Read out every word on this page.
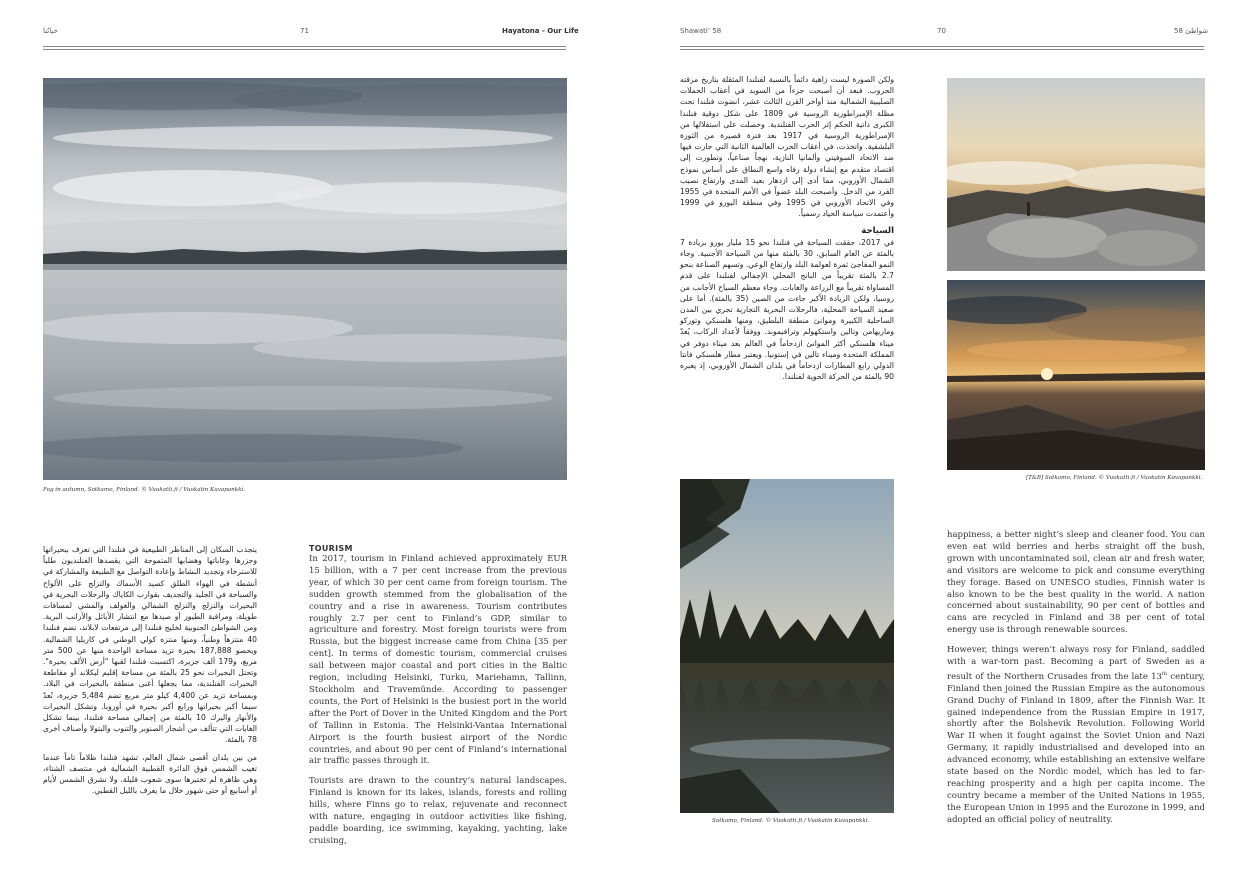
حياتُنا	71	Hayatona - Our Life	Shawati’ 58	70	شواطئ 58
Fog in autumn, Sotkamo, Finland. © Vuokatti.fi / Vuokatin Kuvapankki.
[T&B] Sotkamo, Finland. © Vuokatti.fi / Vuokatin Kuvapankki.
Sotkamo, Finland. © Vuokatti.fi / Vuokatin Kuvapankki.

ولكن الصورة ليست زاهية دائماً بالنسبة لفنلندا المثقلة بتاريخ مزقته الحروب. فبعد أن أصبحت جزءاً من السويد في أعقاب الحملات الصليبية الشمالية منذ أواخر القرن الثالث عشر، انضوت فنلندا تحت مظلة الإمبراطورية الروسية في 1809 على شكل دوقية فنلندا الكبرى ذاتية الحكم إثر الحرب الفنلندية. وحصلت على استقلالها من الإمبراطورية الروسية في 1917 بعد فترة قصيرة من الثورة البلشفية. واتخذت، في أعقاب الحرب العالمية الثانية التي جارت فيها ضد الاتحاد السوفيتي وألمانيا النازية، نهجاً صناعياً، وتطورت إلى اقتصاد متقدم مع إنشاء دولة رفاه واسع النطاق على أساس نموذج الشمال الأوروبي، مما أدى إلى ازدهار بعيد المدى وارتفاع نصيب الفرد من الدخل. وأصبحت البلد عضواً في الأمم المتحدة في 1955 وفي الاتحاد الأوروبي في 1995 وفي منطقة اليورو في 1999 وأعتمدت سياسة الحياد رسمياً.

السياحة

في 2017، حققت السياحة في فنلندا نحو 15 مليار يورو بزيادة 7 بالمئة عن العام السابق، 30 بالمئة منها من السياحة الأجنبية. وجاء النمو المفاجئ ثمرة لعولمة البلد وارتفاع الوعي. وتسهم الصناعة بنحو 2.7 بالمئة تقريباً من الناتج المحلي الإجمالي لفنلندا على قدم المساواة تقريباً مع الزراعة والغابات. وجاء معظم السياح الأجانب من روسيا، ولكن الزيادة الأكبر جاءت من الصين (35 بالمئة). أما على صعيد السياحة المحلية، فالرحلات البحرية التجارية تجري بين المدن الساحلية الكبيرة وموانئ منطقة البلطيق، ومنها هلسنكي وتوركو وماريهامن وتالين واستكهولم وترافيموند. ووفقاً لأعداد الركاب، يُعدّ ميناء هلسنكي أكثر الموانئ ازدحاماً في العالم بعد ميناء دوفر في المملكة المتحدة وميناء تالين في إستونيا. ويعتبر مطار هلسنكي فانتا الدولي رابع المطارات ازدحاماً في بلدان الشمال الأوروبي، إذ يعبره 90 بالمئة من الحركة الجوية لفنلندا.

ينجذب السكان إلى المناظر الطبيعية في فنلندا التي تعرف ببحيراتها وجزرها وغاباتها وهضابها المتموجة التي يقصدها الفنلنديون طلباً للاسترخاء وتجديد النشاط وإعادة التواصل مع الطبيعة والمشاركة في أنشطة في الهواء الطلق كصيد الأسماك والتزلج على الألواح والسباحة في الجليد والتجديف بقوارب الكاياك والرحلات البحرية في البحيرات والتزلج والتزلج الشمالي والغولف والمشي لمسافات طويلة، ومراقبة الطيور أو صيدها مع انتشار الأيائل والأرانب البرية. ومن الشواطئ الجنوبية لخليج فنلندا إلى مرتفعات لابلاند، تضم فنلندا 40 منتزهاً وطنياً، ومنها منتزه كولي الوطني في كاريليا الشمالية. ويحصو 187,888 بحيرة تزيد مساحة الواحدة منها عن 500 متر مربع، و179 ألف جزيرة، اكتسبت فنلندا لقبها "أرض الألف بحيرة". وتحتل البحيرات نحو 25 بالمئة من مساحة إقليم ليكلاند أو مقاطعة البحيرات الفنلندية، مما يجعلها أغنى منطقة بالبحيرات في البلاد. وبمساحة تزيد عن 4,400 كيلو متر مربع تضم 5,484 جزيرة، تُعدّ سيما أكبر بحيراتها ورابع أكبر بحيرة في أوروبا. وتشكل البحيرات والأنهار والبرك 10 بالمئة من إجمالي مساحة فنلندا، بينما تشكل الغابات التي تتألف من أشجار الصنوبر والتنوب والبتولا وأصناف أخرى 78 بالمئة.

من بين بلدان أقصى شمال العالم، تشهد فنلندا ظلاماً تاماً عندما تغيب الشمس فوق الدائرة القطبية الشمالية في منتصف الشتاء، وهي ظاهرة لم تختبرها سوى شعوب قليلة. ولا تشرق الشمس لأيام أو أسابيع أو حتى شهور خلال ما يعرف بالليل القطبي.

TOURISM

In 2017, tourism in Finland achieved approximately EUR 15 billion, with a 7 per cent increase from the previous year, of which 30 per cent came from foreign tourism. The sudden growth stemmed from the globalisation of the country and a rise in awareness. Tourism contributes roughly 2.7 per cent to Finland’s GDP, similar to agriculture and forestry. Most foreign tourists were from Russia, but the biggest increase came from China [35 per cent]. In terms of domestic tourism, commercial cruises sail between major coastal and port cities in the Baltic region, including Helsinki, Turku, Mariehamn, Tallinn, Stockholm and Travemünde. According to passenger counts, the Port of Helsinki is the busiest port in the world after the Port of Dover in the United Kingdom and the Port of Tallinn in Estonia. The Helsinki-Vantaa International Airport is the fourth busiest airport of the Nordic countries, and about 90 per cent of Finland’s international air traffic passes through it.

Tourists are drawn to the country’s natural landscapes. Finland is known for its lakes, islands, forests and rolling hills, where Finns go to relax, rejuvenate and reconnect with nature, engaging in outdoor activities like fishing, paddle boarding, ice swimming, kayaking, yachting, lake cruising,

happiness, a better night’s sleep and cleaner food. You can even eat wild berries and herbs straight off the bush, grown with uncontaminated soil, clean air and fresh water, and visitors are welcome to pick and consume everything they forage. Based on UNESCO studies, Finnish water is also known to be the best quality in the world. A nation concerned about sustainability, 90 per cent of bottles and cans are recycled in Finland and 38 per cent of total energy use is through renewable sources.

However, things weren’t always rosy for Finland, saddled with a war-torn past. Becoming a part of Sweden as a result of the Northern Crusades from the late 13th century, Finland then joined the Russian Empire as the autonomous Grand Duchy of Finland in 1809, after the Finnish War. It gained independence from the Russian Empire in 1917, shortly after the Bolshevik Revolution. Following World War II when it fought against the Soviet Union and Nazi Germany, it rapidly industrialised and developed into an advanced economy, while establishing an extensive welfare state based on the Nordic model, which has led to far-reaching prosperity and a high per capita income. The country became a member of the United Nations in 1955, the European Union in 1995 and the Eurozone in 1999, and adopted an official policy of neutrality.
